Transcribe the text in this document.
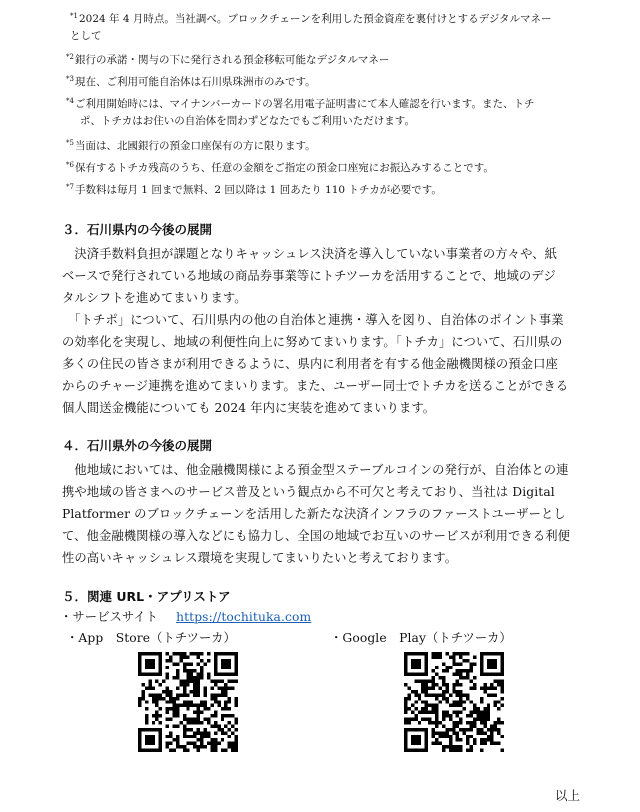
$^{*1}$2024 年 4 月時点。当社調べ。ブロックチェーンを利用した預金資産を裏付けとするデジタルマネー
として
$^{*2}$銀行の承諾・関与の下に発行される預金移転可能なデジタルマネー
$^{*3}$現在、ご利用可能自治体は石川県珠洲市のみです。
$^{*4}$ご利用開始時には、マイナンバーカードの署名用電子証明書にて本人確認を行います。また、トチ
ポ、トチカはお住いの自治体を問わずどなたでもご利用いただけます。
$^{*5}$当面は、北國銀行の預金口座保有の方に限ります。
$^{*6}$保有するトチカ残高のうち、任意の金額をご指定の預金口座宛にお振込みすることです。
$^{*7}$手数料は毎月 1 回まで無料、2 回以降は 1 回あたり 110 トチカが必要です。
３．石川県内の今後の展開
　決済手数料負担が課題となりキャッシュレス決済を導入していない事業者の方々や、紙
ベースで発行されている地域の商品券事業等にトチツーカを活用することで、地域のデジ
タルシフトを進めてまいります。
　「トチポ」について、石川県内の他の自治体と連携・導入を図り、自治体のポイント事業
の効率化を実現し、地域の利便性向上に努めてまいります。「トチカ」について、石川県の
多くの住民の皆さまが利用できるように、県内に利用者を有する他金融機関様の預金口座
からのチャージ連携を進めてまいります。また、ユーザー同士でトチカを送ることができる
個人間送金機能についても 2024 年内に実装を進めてまいります。
４．石川県外の今後の展開
　他地域においては、他金融機関様による預金型ステーブルコインの発行が、自治体との連
携や地域の皆さまへのサービス普及という観点から不可欠と考えており、当社は Digital
Platformer のブロックチェーンを活用した新たな決済インフラのファーストユーザーとし
て、他金融機関様の導入などにも協力し、全国の地域でお互いのサービスが利用できる利便
性の高いキャッシュレス環境を実現してまいりたいと考えております。
５．関連 URL・アプリストア
・サービスサイト https://tochituka.com
・App　Store（トチツーカ）	・Google　Play（トチツーカ）
以上
